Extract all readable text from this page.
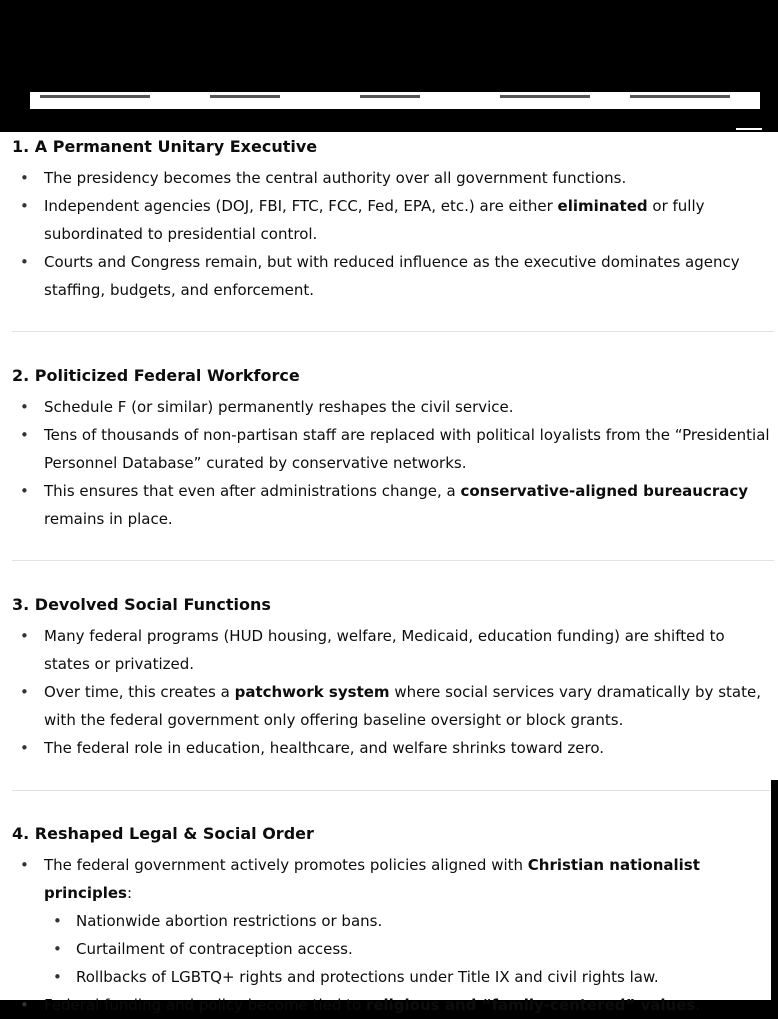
1. A Permanent Unitary Executive
• The presidency becomes the central authority over all government functions.
• Independent agencies (DOJ, FBI, FTC, FCC, Fed, EPA, etc.) are either eliminated or fully subordinated to presidential control.
• Courts and Congress remain, but with reduced influence as the executive dominates agency staffing, budgets, and enforcement.
2. Politicized Federal Workforce
• Schedule F (or similar) permanently reshapes the civil service.
• Tens of thousands of non-partisan staff are replaced with political loyalists from the “Presidential Personnel Database” curated by conservative networks.
• This ensures that even after administrations change, a conservative-aligned bureaucracy remains in place.
3. Devolved Social Functions
• Many federal programs (HUD housing, welfare, Medicaid, education funding) are shifted to states or privatized.
• Over time, this creates a patchwork system where social services vary dramatically by state, with the federal government only offering baseline oversight or block grants.
• The federal role in education, healthcare, and welfare shrinks toward zero.
4. Reshaped Legal & Social Order
• The federal government actively promotes policies aligned with Christian nationalist principles:
• Nationwide abortion restrictions or bans.
• Curtailment of contraception access.
• Rollbacks of LGBTQ+ rights and protections under Title IX and civil rights law.
• Federal funding and policy become tied to religious and “family-centered” values.
